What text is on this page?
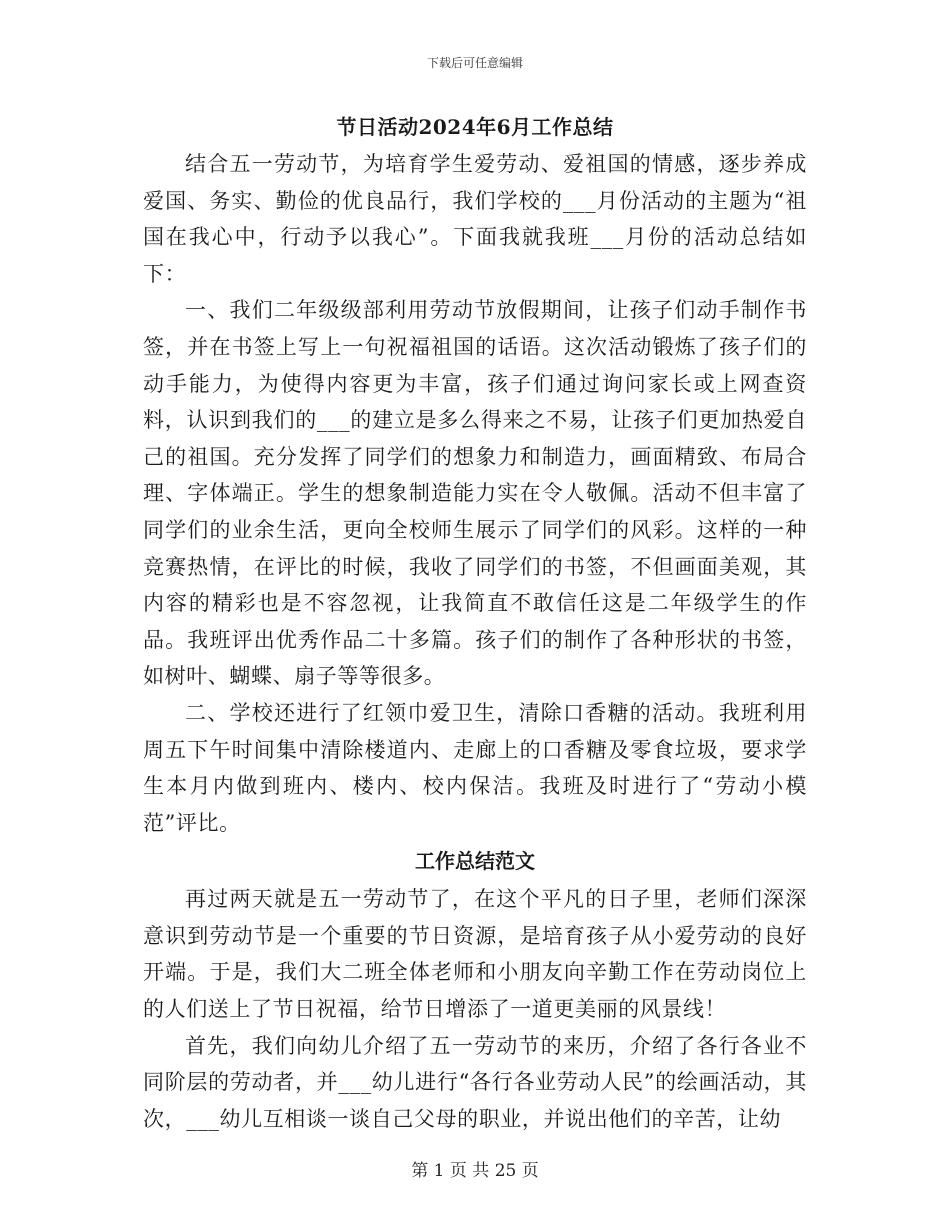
下载后可任意编辑
节日活动2024年6月工作总结

结合五一劳动节，为培育学生爱劳动、爱祖国的情感，逐步养成爱国、务实、勤俭的优良品行，我们学校的___月份活动的主题为“祖国在我心中，行动予以我心”。下面我就我班___月份的活动总结如下：

一、我们二年级级部利用劳动节放假期间，让孩子们动手制作书签，并在书签上写上一句祝福祖国的话语。这次活动锻炼了孩子们的动手能力，为使得内容更为丰富，孩子们通过询问家长或上网查资料，认识到我们的___的建立是多么得来之不易，让孩子们更加热爱自己的祖国。充分发挥了同学们的想象力和制造力，画面精致、布局合理、字体端正。学生的想象制造能力实在令人敬佩。活动不但丰富了同学们的业余生活，更向全校师生展示了同学们的风彩。这样的一种竞赛热情，在评比的时候，我收了同学们的书签，不但画面美观，其内容的精彩也是不容忽视，让我简直不敢信任这是二年级学生的作品。我班评出优秀作品二十多篇。孩子们的制作了各种形状的书签，如树叶、蝴蝶、扇子等等很多。

二、学校还进行了红领巾爱卫生，清除口香糖的活动。我班利用周五下午时间集中清除楼道内、走廊上的口香糖及零食垃圾，要求学生本月内做到班内、楼内、校内保洁。我班及时进行了“劳动小模范”评比。

工作总结范文

再过两天就是五一劳动节了，在这个平凡的日子里，老师们深深意识到劳动节是一个重要的节日资源，是培育孩子从小爱劳动的良好开端。于是，我们大二班全体老师和小朋友向辛勤工作在劳动岗位上的人们送上了节日祝福，给节日增添了一道更美丽的风景线！

首先，我们向幼儿介绍了五一劳动节的来历，介绍了各行各业不同阶层的劳动者，并___幼儿进行“各行各业劳动人民”的绘画活动，其次，___幼儿互相谈一谈自己父母的职业，并说出他们的辛苦，让幼

第 1 页 共 25 页
